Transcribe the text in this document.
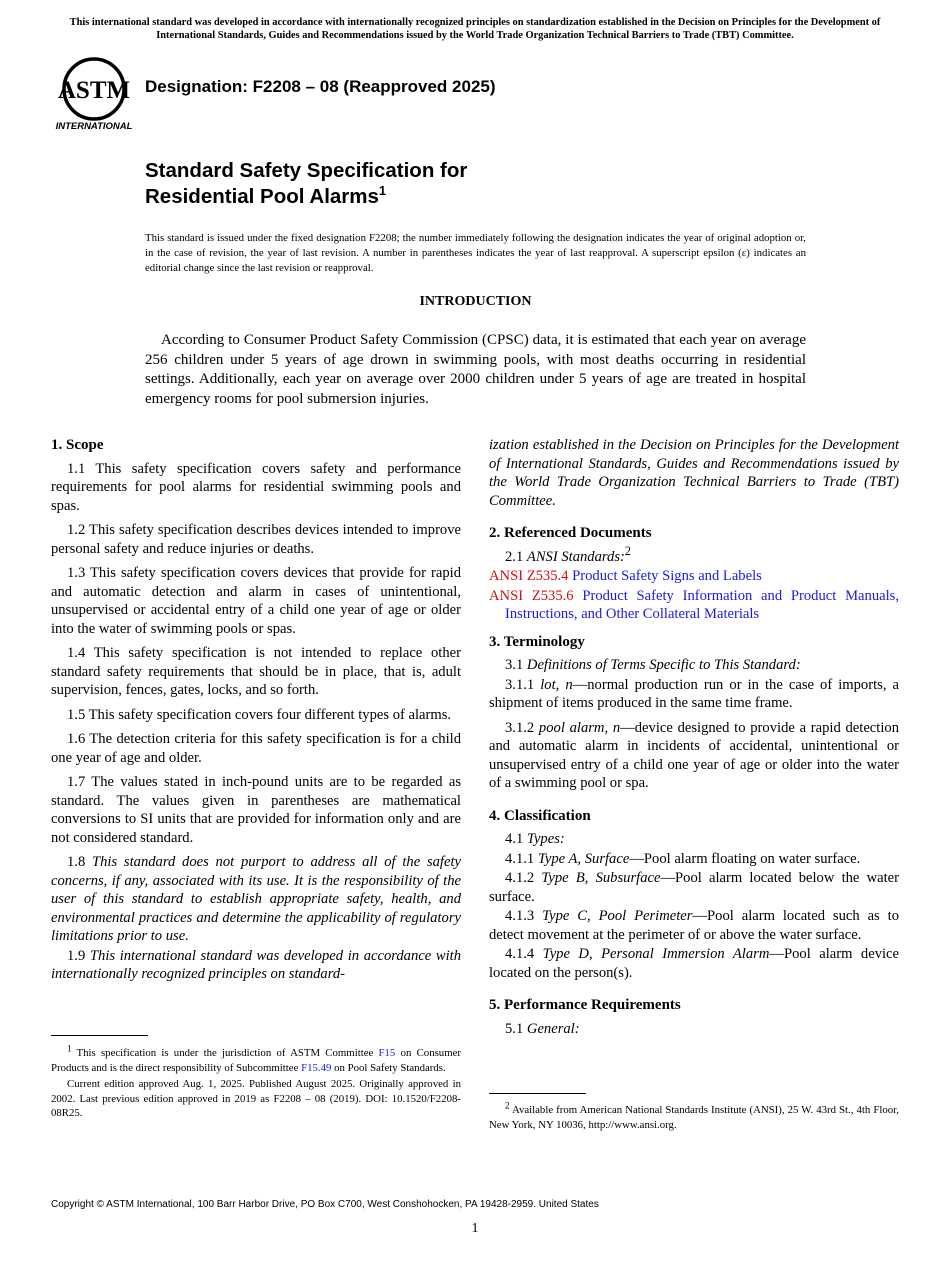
This international standard was developed in accordance with internationally recognized principles on standardization established in the Decision on Principles for the Development of International Standards, Guides and Recommendations issued by the World Trade Organization Technical Barriers to Trade (TBT) Committee.
ASTM
INTERNATIONAL
Designation: F2208 – 08 (Reapproved 2025)
Standard Safety Specification for
Residential Pool Alarms$^1$
This standard is issued under the fixed designation F2208; the number immediately following the designation indicates the year of original adoption or, in the case of revision, the year of last revision. A number in parentheses indicates the year of last reapproval. A superscript epsilon (ε) indicates an editorial change since the last revision or reapproval.
INTRODUCTION

According to Consumer Product Safety Commission (CPSC) data, it is estimated that each year on average 256 children under 5 years of age drown in swimming pools, with most deaths occurring in residential settings. Additionally, each year on average over 2000 children under 5 years of age are treated in hospital emergency rooms for pool submersion injuries.

1. Scope

1.1 This safety specification covers safety and performance requirements for pool alarms for residential swimming pools and spas.

1.2 This safety specification describes devices intended to improve personal safety and reduce injuries or deaths.

1.3 This safety specification covers devices that provide for rapid and automatic detection and alarm in cases of unintentional, unsupervised or accidental entry of a child one year of age or older into the water of swimming pools or spas.

1.4 This safety specification is not intended to replace other standard safety requirements that should be in place, that is, adult supervision, fences, gates, locks, and so forth.

1.5 This safety specification covers four different types of alarms.

1.6 The detection criteria for this safety specification is for a child one year of age and older.

1.7 The values stated in inch-pound units are to be regarded as standard. The values given in parentheses are mathematical conversions to SI units that are provided for information only and are not considered standard.

1.8 This standard does not purport to address all of the safety concerns, if any, associated with its use. It is the responsibility of the user of this standard to establish appropriate safety, health, and environmental practices and determine the applicability of regulatory limitations prior to use.

1.9 This international standard was developed in accordance with internationally recognized principles on standard-

ization established in the Decision on Principles for the Development of International Standards, Guides and Recommendations issued by the World Trade Organization Technical Barriers to Trade (TBT) Committee.

2. Referenced Documents

2.1 ANSI Standards:$^2$

ANSI Z535.4 Product Safety Signs and Labels

ANSI Z535.6 Product Safety Information and Product Manuals, Instructions, and Other Collateral Materials

3. Terminology

3.1 Definitions of Terms Specific to This Standard:

3.1.1 lot, n—normal production run or in the case of imports, a shipment of items produced in the same time frame.

3.1.2 pool alarm, n—device designed to provide a rapid detection and automatic alarm in incidents of accidental, unintentional or unsupervised entry of a child one year of age or older into the water of a swimming pool or spa.

4. Classification

4.1 Types:

4.1.1 Type A, Surface—Pool alarm floating on water surface.

4.1.2 Type B, Subsurface—Pool alarm located below the water surface.

4.1.3 Type C, Pool Perimeter—Pool alarm located such as to detect movement at the perimeter of or above the water surface.

4.1.4 Type D, Personal Immersion Alarm—Pool alarm device located on the person(s).

5. Performance Requirements

5.1 General:

$^1$ This specification is under the jurisdiction of ASTM Committee F15 on Consumer Products and is the direct responsibility of Subcommittee F15.49 on Pool Safety Standards.

Current edition approved Aug. 1, 2025. Published August 2025. Originally approved in 2002. Last previous edition approved in 2019 as F2208 – 08 (2019). DOI: 10.1520/F2208-08R25.

$^2$ Available from American National Standards Institute (ANSI), 25 W. 43rd St., 4th Floor, New York, NY 10036, http://www.ansi.org.

Copyright © ASTM International, 100 Barr Harbor Drive, PO Box C700, West Conshohocken, PA 19428-2959. United States
1
